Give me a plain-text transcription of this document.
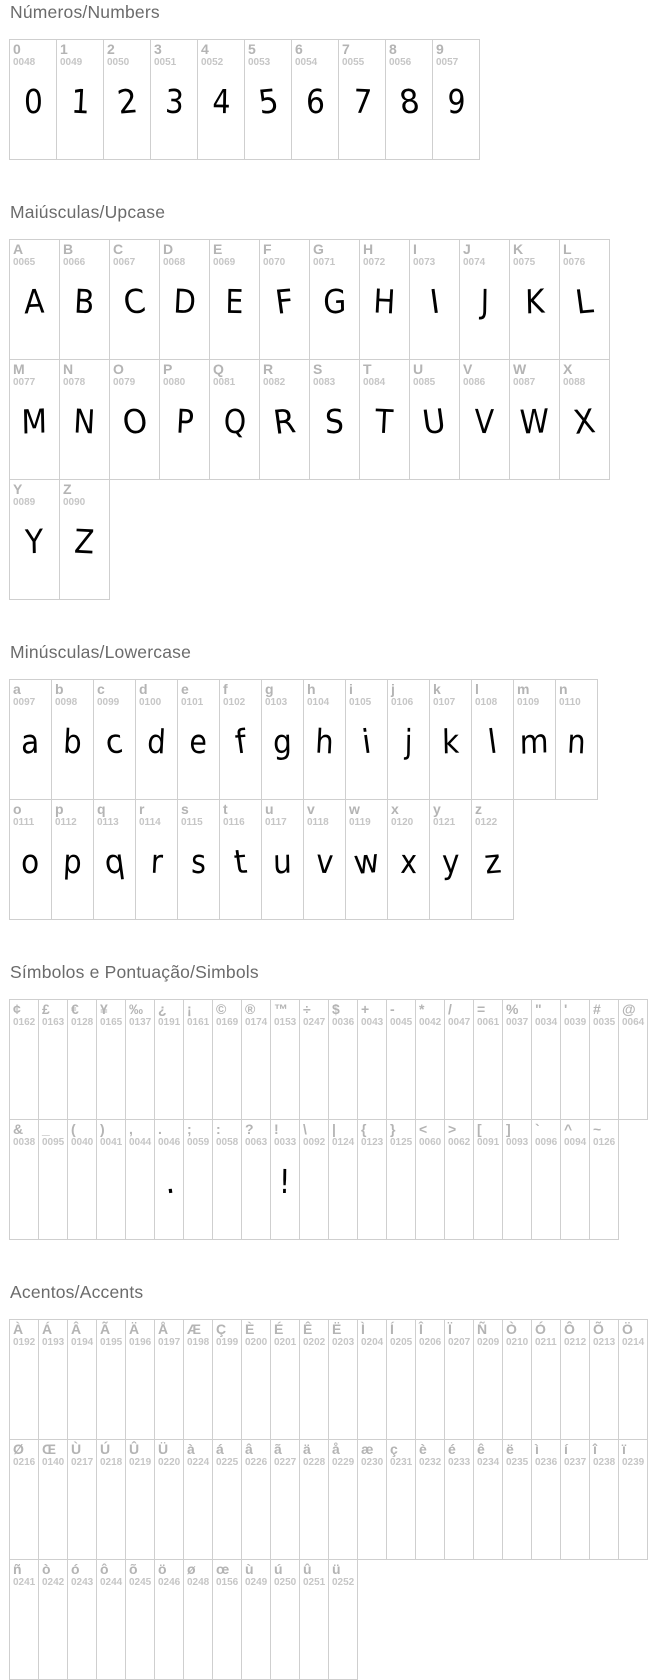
Números/Numbers
0
0048
0
1
0049
1
2
0050
2
3
0051
3
4
0052
4
5
0053
5
6
0054
6
7
0055
7
8
0056
8
9
0057
9
Maiúsculas/Upcase
A
0065
A
B
0066
B
C
0067
C
D
0068
D
E
0069
E
F
0070
F
G
0071
G
H
0072
H
I
0073
I
J
0074
J
K
0075
K
L
0076
L
M
0077
M
N
0078
N
O
0079
O
P
0080
P
Q
0081
Q
R
0082
R
S
0083
S
T
0084
T
U
0085
U
V
0086
V
W
0087
W
X
0088
X
Y
0089
Y
Z
0090
Z
Minúsculas/Lowercase
a
0097
a
b
0098
b
c
0099
c
d
0100
d
e
0101
e
f
0102
f
g
0103
g
h
0104
h
i
0105
i
j
0106
j
k
0107
k
l
0108
l
m
0109
m
n
0110
n
o
0111
o
p
0112
p
q
0113
q
r
0114
r
s
0115
s
t
0116
t
u
0117
u
v
0118
v
w
0119
w
x
0120
x
y
0121
y
z
0122
z
Símbolos e Pontuação/Simbols
¢
0162
£
0163
€
0128
¥
0165
‰
0137
¿
0191
¡
0161
©
0169
®
0174
™
0153
÷
0247
$
0036
+
0043
-
0045
*
0042
/
0047
=
0061
%
0037
"
0034
'
0039
#
0035
@
0064
&
0038
_
0095
(
0040
)
0041
,
0044
.
0046
.
;
0059
:
0058
?
0063
!
0033
!
\
0092
|
0124
{
0123
}
0125
<
0060
>
0062
[
0091
]
0093
`
0096
^
0094
~
0126
Acentos/Accents
À
0192
Á
0193
Â
0194
Ã
0195
Ä
0196
Å
0197
Æ
0198
Ç
0199
È
0200
É
0201
Ê
0202
Ë
0203
Ì
0204
Í
0205
Î
0206
Ï
0207
Ñ
0209
Ò
0210
Ó
0211
Ô
0212
Õ
0213
Ö
0214
Ø
0216
Œ
0140
Ù
0217
Ú
0218
Û
0219
Ü
0220
à
0224
á
0225
â
0226
ã
0227
ä
0228
å
0229
æ
0230
ç
0231
è
0232
é
0233
ê
0234
ë
0235
ì
0236
í
0237
î
0238
ï
0239
ñ
0241
ò
0242
ó
0243
ô
0244
õ
0245
ö
0246
ø
0248
œ
0156
ù
0249
ú
0250
û
0251
ü
0252
